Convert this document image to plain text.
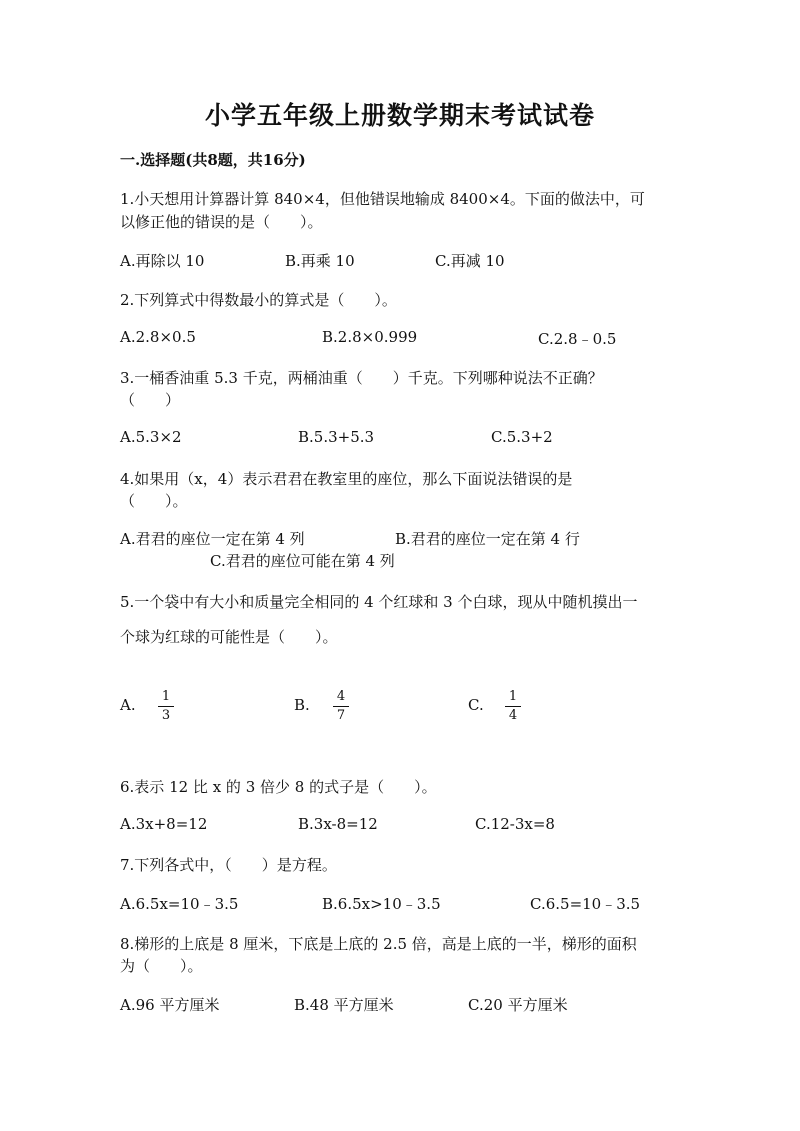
小学五年级上册数学期末考试试卷
一.选择题(共8题，共16分)
1.小天想用计算器计算 840×4，但他错误地输成 8400×4。下面的做法中，可
以修正他的错误的是（　　）。
A.再除以 10	B.再乘 10	C.再减 10
2.下列算式中得数最小的算式是（　　）。
A.2.8×0.5	B.2.8×0.999	C.2.8﹣0.5
3.一桶香油重 5.3 千克，两桶油重（　　）千克。下列哪种说法不正确？
（　　）
A.5.3×2	B.5.3+5.3	C.5.3+2
4.如果用（x，4）表示君君在教室里的座位，那么下面说法错误的是
（　　）。
A.君君的座位一定在第 4 列	B.君君的座位一定在第 4 行
C.君君的座位可能在第 4 列
5.一个袋中有大小和质量完全相同的 4 个红球和 3 个白球，现从中随机摸出一
个球为红球的可能性是（　　）。
A. 1
3
B. 4
7
C. 1
4
6.表示 12 比 x 的 3 倍少 8 的式子是（　　）。
A.3x+8=12	B.3x-8=12	C.12-3x=8
7.下列各式中，（　　）是方程。
A.6.5x=10﹣3.5	B.6.5x>10﹣3.5	C.6.5=10﹣3.5
8.梯形的上底是 8 厘米，下底是上底的 2.5 倍，高是上底的一半，梯形的面积
为（　　）。
A.96 平方厘米	B.48 平方厘米	C.20 平方厘米
